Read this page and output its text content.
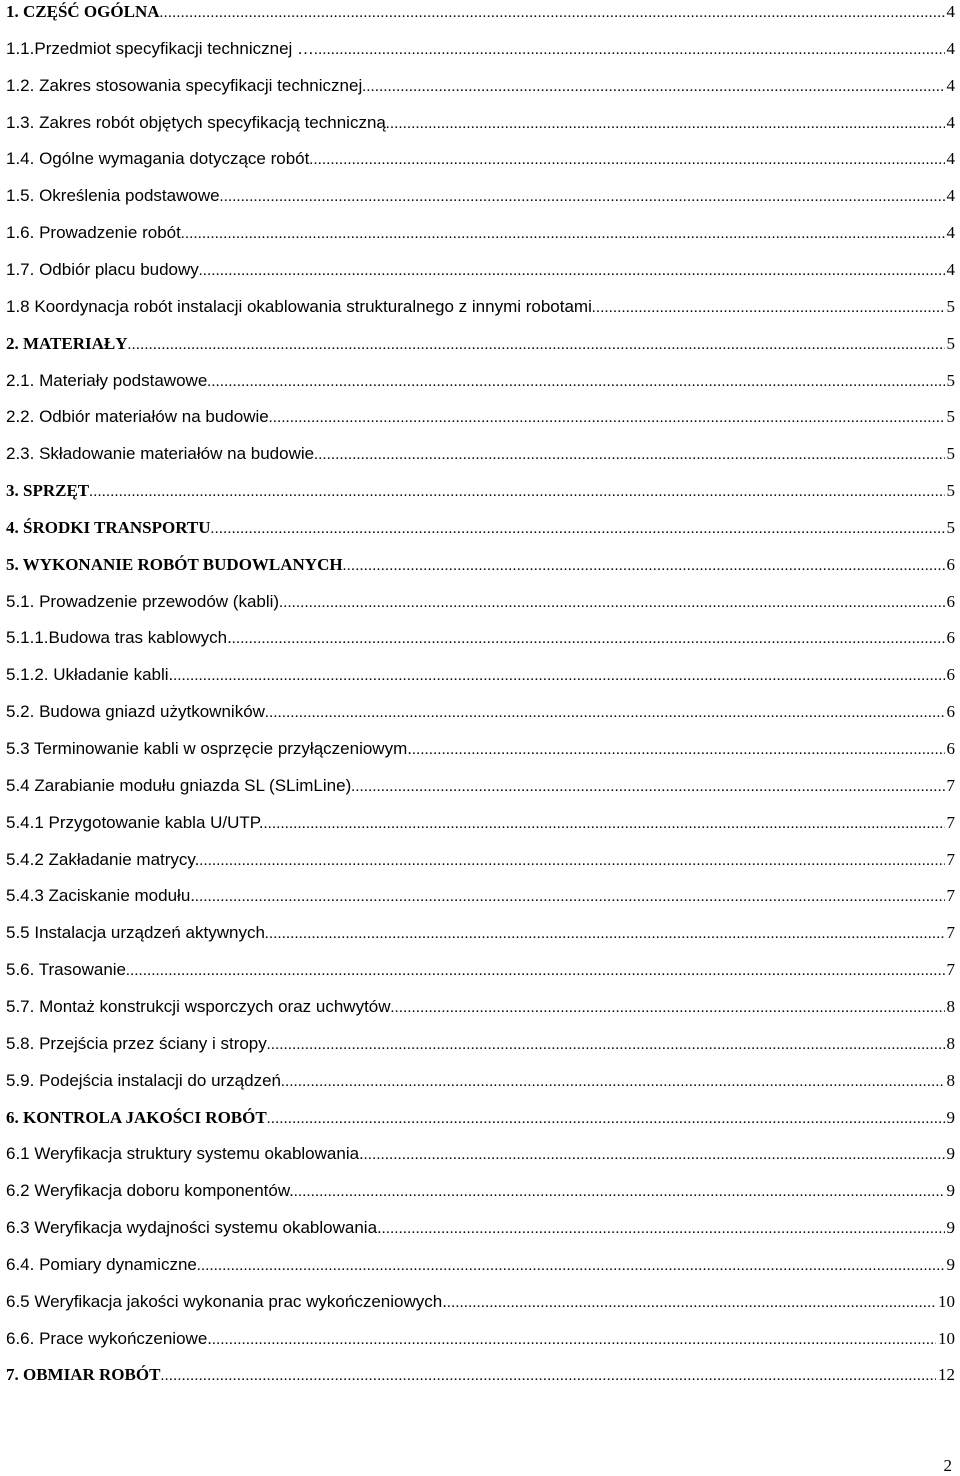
1. CZĘŚĆ OGÓLNA .....	4
1.1.Przedmiot specyfikacji technicznej … .....	4
1.2. Zakres stosowania specyfikacji technicznej .....	4
1.3. Zakres robót objętych specyfikacją techniczną .....	4
1.4. Ogólne wymagania dotyczące robót .....	4
1.5. Określenia podstawowe .....	4
1.6. Prowadzenie robót .....	4
1.7. Odbiór placu budowy .....	4
1.8 Koordynacja robót instalacji okablowania strukturalnego z innymi robotami .....	5
2. MATERIAŁY .....	5
2.1. Materiały podstawowe .....	5
2.2. Odbiór materiałów na budowie .....	5
2.3. Składowanie materiałów na budowie .....	5
3. SPRZĘT .....	5
4. ŚRODKI TRANSPORTU .....	5
5. WYKONANIE ROBÓT BUDOWLANYCH .....	6
5.1. Prowadzenie przewodów (kabli) .....	6
5.1.1.Budowa tras kablowych. .....	6
5.1.2. Układanie kabli. .....	6
5.2. Budowa gniazd użytkowników .....	6
5.3 Terminowanie kabli w osprzęcie przyłączeniowym. .....	6
5.4 Zarabianie modułu gniazda SL (SLimLine) .....	7
5.4.1 Przygotowanie kabla U/UTP. .....	7
5.4.2 Zakładanie matrycy. .....	7
5.4.3 Zaciskanie modułu. .....	7
5.5 Instalacja urządzeń aktywnych .....	7
5.6. Trasowanie .....	7
5.7. Montaż konstrukcji wsporczych oraz uchwytów .....	8
5.8. Przejścia przez ściany i stropy .....	8
5.9. Podejścia instalacji do urządzeń .....	8
6. KONTROLA JAKOŚCI ROBÓT .....	9
6.1 Weryfikacja struktury systemu okablowania. .....	9
6.2 Weryfikacja doboru komponentów. .....	9
6.3 Weryfikacja wydajności systemu okablowania. .....	9
6.4. Pomiary dynamiczne .....	9
6.5 Weryfikacja jakości wykonania prac wykończeniowych. .....	10
6.6. Prace wykończeniowe. .....	10
7. OBMIAR ROBÓT .....	12
2
